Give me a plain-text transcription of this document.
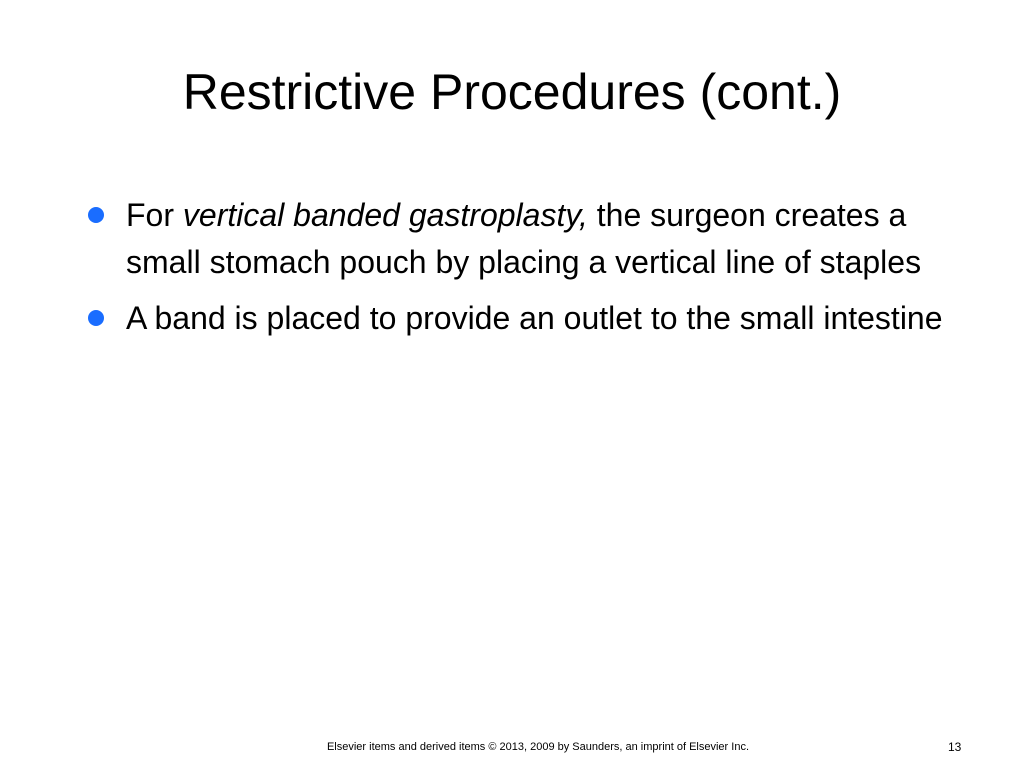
Restrictive Procedures (cont.)
For vertical banded gastroplasty, the surgeon creates a small stomach pouch by placing a vertical line of staples
A band is placed to provide an outlet to the small intestine
Elsevier items and derived items © 2013, 2009 by Saunders, an imprint of Elsevier Inc.	13
